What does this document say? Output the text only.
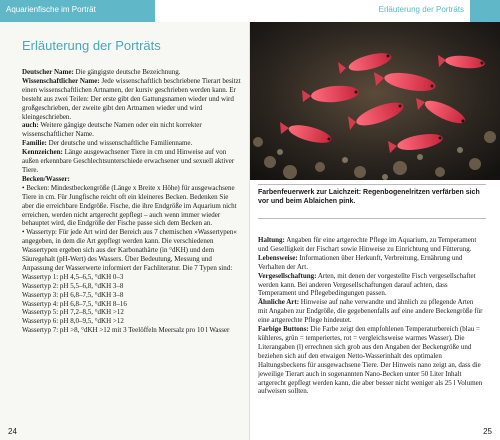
Aquarienfische im Porträt	Erläuterung der Porträts
Erläuterung der Porträts

Deutscher Name: Die gängigste deutsche Bezeichnung.

Wissenschaftlicher Name: Jede wissenschaftlich beschriebene Tierart besitzt einen wissenschaftlichen Artnamen, der kursiv geschrieben werden kann. Er besteht aus zwei Teilen: Der erste gibt den Gattungsnamen wieder und wird großgeschrieben, der zweite gibt den Artnamen wieder und wird kleingeschrieben.

auch: Weitere gängige deutsche Namen oder ein nicht korrekter wissenschaftlicher Name.

Familie: Der deutsche und wissenschaftliche Familienname.

Kennzeichen: Länge ausgewachsener Tiere in cm und Hinweise auf von außen erkennbare Geschlechtsunterschiede erwachsener und sexuell aktiver Tiere.

Becken/Wasser:

• Becken: Mindestbeckengröße (Länge x Breite x Höhe) für ausgewachsene Tiere in cm. Für Jungfische reicht oft ein kleineres Becken. Bedenken Sie aber die erreichbare Endgröße. Fische, die ihre Endgröße im Aquarium nicht erreichen, werden nicht artgerecht gepflegt – auch wenn immer wieder behauptet wird, die Endgröße der Fische passe sich dem Becken an.

• Wassertyp: Für jede Art wird der Bereich aus 7 chemischen »Wassertypen« angegeben, in dem die Art gepflegt werden kann. Die verschiedenen Wassertypen ergeben sich aus der Karbonathärte (in °dKH) und dem Säuregehalt (pH-Wert) des Wassers. Über Bedeutung, Messung und Anpassung der Wasserwerte informiert der Fachliteratur. Die 7 Typen sind:

Wassertyp 1: pH 4,5–6,5, °dKH 0–3

Wassertyp 2: pH 5,5–6,8, °dKH 3–8

Wassertyp 3: pH 6,8–7,5, °dKH 3–8

Wassertyp 4: pH 6,8–7,5, °dKH 8–16

Wassertyp 5: pH 7,2–8,5, °dKH >12

Wassertyp 6: pH 8,0–9,5, °dKH >12

Wassertyp 7: pH >8, °dKH >12 mit 3 Teelöffeln Meersalz pro 10 l Wasser

Farbenfeuerwerk zur Laichzeit: Regenbogenelritzen verfärben sich vor und beim Ablaichen pink.

Haltung: Angaben für eine artgerechte Pflege im Aquarium, zu Temperament und Geselligkeit der Fischart sowie Hinweise zu Einrichtung und Fütterung.

Lebensweise: Informationen über Herkunft, Verbreitung, Ernährung und Verhalten der Art.

Vergesellschaftung: Arten, mit denen der vorgestellte Fisch vergesellschaftet werden kann. Bei anderen Vergesellschaftungen darauf achten, dass Temperament und Pflegebedingungen passen.

Ähnliche Art: Hinweise auf nahe verwandte und ähnlich zu pflegende Arten mit Angaben zur Endgröße, die gegebenenfalls auf eine andere Beckengröße für eine artgerechte Pflege hindeutet.

Farbige Buttons: Die Farbe zeigt den empfohlenen Temperaturbereich (blau = kühleres, grün = temperiertes, rot = vergleichsweise warmes Wasser). Die Literangaben (l) errechnen sich grob aus den Angaben der Beckengröße und beziehen sich auf den etwaigen Netto-Wasserinhalt des optimalen Haltungsbeckens für ausgewachsene Tiere. Der Hinweis nano zeigt an, dass die jeweilige Tierart auch in sogenannten Nano-Becken unter 50 Liter Inhalt artgerecht gepflegt werden kann, die aber besser nicht weniger als 25 l Volumen aufweisen sollten.

24	25
